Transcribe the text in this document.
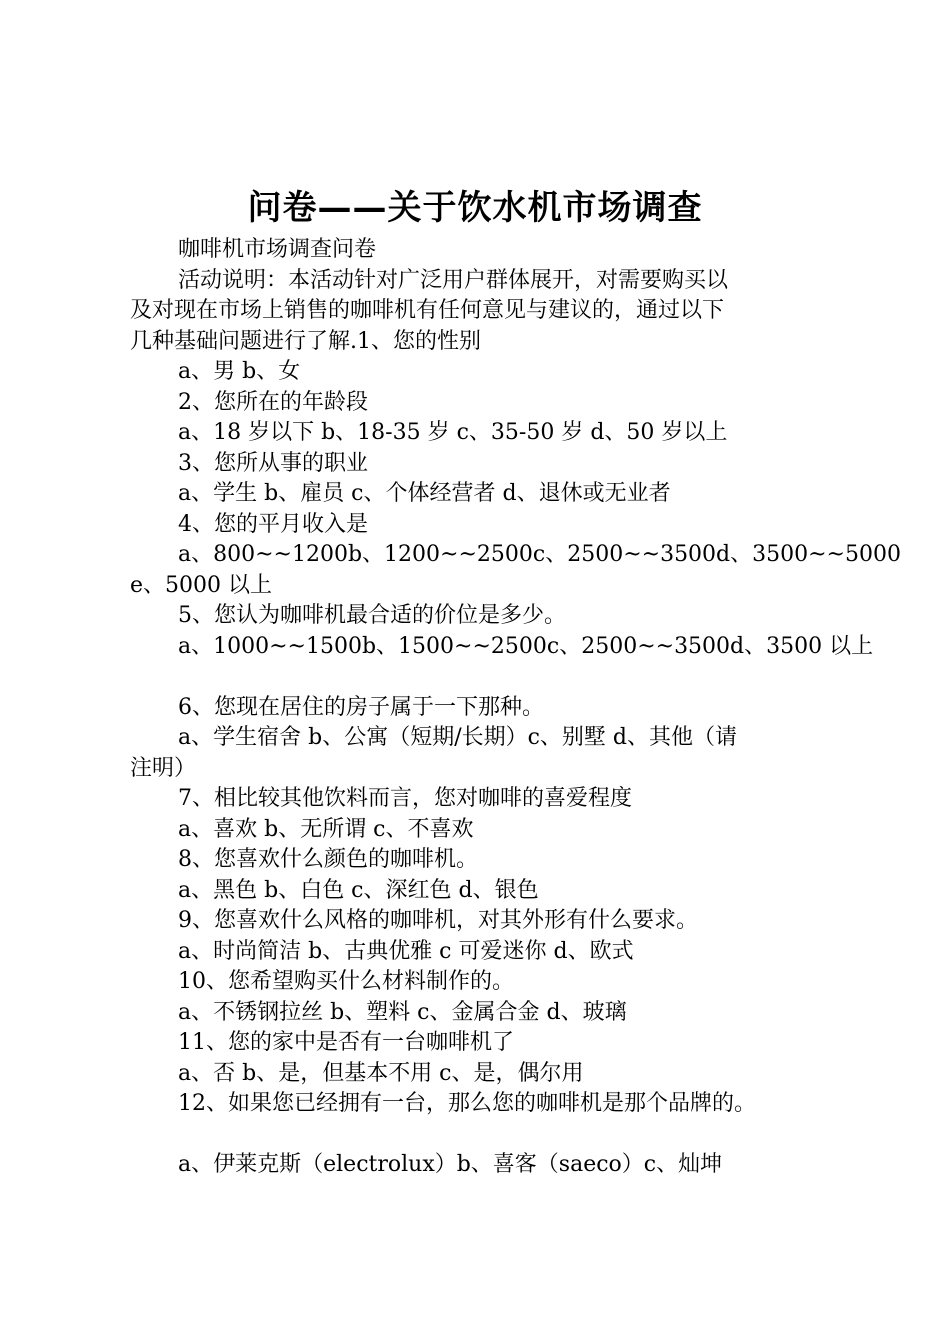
问卷——关于饮水机市场调查

咖啡机市场调查问卷

活动说明：本活动针对广泛用户群体展开，对需要购买以

及对现在市场上销售的咖啡机有任何意见与建议的，通过以下

几种基础问题进行了解.1、您的性别

a、男 b、女

2、您所在的年龄段

a、18 岁以下 b、18-35 岁 c、35-50 岁 d、50 岁以上

3、您所从事的职业

a、学生 b、雇员 c、个体经营者 d、退休或无业者

4、您的平月收入是

a、800~~1200b、1200~~2500c、2500~~3500d、3500~~5000

e、5000 以上

5、您认为咖啡机最合适的价位是多少。

a、1000~~1500b、1500~~2500c、2500~~3500d、3500 以上

6、您现在居住的房子属于一下那种。

a、学生宿舍 b、公寓（短期/长期）c、别墅 d、其他（请

注明）

7、相比较其他饮料而言，您对咖啡的喜爱程度

a、喜欢 b、无所谓 c、不喜欢

8、您喜欢什么颜色的咖啡机。

a、黑色 b、白色 c、深红色 d、银色

9、您喜欢什么风格的咖啡机，对其外形有什么要求。

a、时尚简洁 b、古典优雅 c 可爱迷你 d、欧式

10、您希望购买什么材料制作的。

a、不锈钢拉丝 b、塑料 c、金属合金 d、玻璃

11、您的家中是否有一台咖啡机了

a、否 b、是，但基本不用 c、是，偶尔用

12、如果您已经拥有一台，那么您的咖啡机是那个品牌的。

a、伊莱克斯（electrolux）b、喜客（saeco）c、灿坤
